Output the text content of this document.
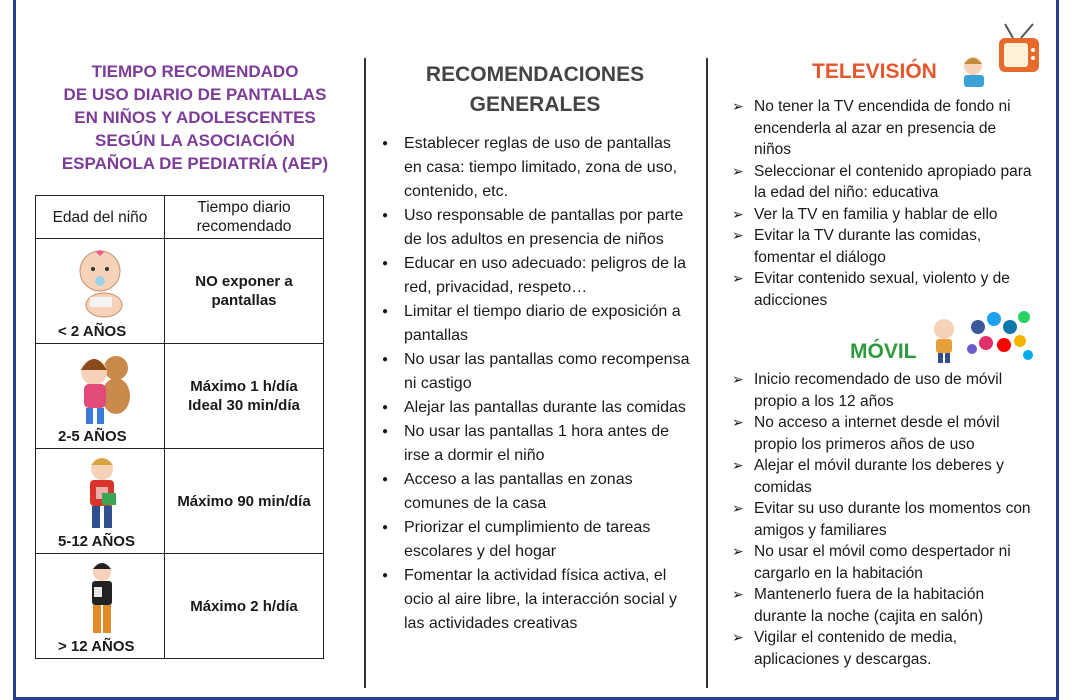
TIEMPO RECOMENDADO
DE USO DIARIO DE PANTALLAS
EN NIÑOS Y ADOLESCENTES
SEGÚN LA ASOCIACIÓN
ESPAÑOLA DE PEDIATRÍA (AEP)
Edad del niño	Tiempo diario
recomendado

< 2 AÑOS	NO exponer a
pantallas

2-5 AÑOS	Máximo 1 h/día
Ideal 30 min/día

5-12 AÑOS	Máximo 90 min/día

> 12 AÑOS	Máximo 2 h/día
RECOMENDACIONES
GENERALES
● Establecer reglas de uso de pantallas en casa: tiempo limitado, zona de uso, contenido, etc.
● Uso responsable de pantallas por parte de los adultos en presencia de niños
● Educar en uso adecuado: peligros de la red, privacidad, respeto…
● Limitar el tiempo diario de exposición a pantallas
● No usar las pantallas como recompensa ni castigo
● Alejar las pantallas durante las comidas
● No usar las pantallas 1 hora antes de irse a dormir el niño
● Acceso a las pantallas en zonas comunes de la casa
● Priorizar el cumplimiento de tareas escolares y del hogar
● Fomentar la actividad física activa, el ocio al aire libre, la interacción social y las actividades creativas
TELEVISIÓN
➢ No tener la TV encendida de fondo ni encenderla al azar en presencia de niños
➢ Seleccionar el contenido apropiado para la edad del niño: educativa
➢ Ver la TV en familia y hablar de ello
➢ Evitar la TV durante las comidas, fomentar el diálogo
➢ Evitar contenido sexual, violento y de adicciones
MÓVIL
➢ Inicio recomendado de uso de móvil propio a los 12 años
➢ No acceso a internet desde el móvil propio los primeros años de uso
➢ Alejar el móvil durante los deberes y comidas
➢ Evitar su uso durante los momentos con amigos y familiares
➢ No usar el móvil como despertador ni cargarlo en la habitación
➢ Mantenerlo fuera de la habitación durante la noche (cajita en salón)
➢ Vigilar el contenido de media, aplicaciones y descargas.
